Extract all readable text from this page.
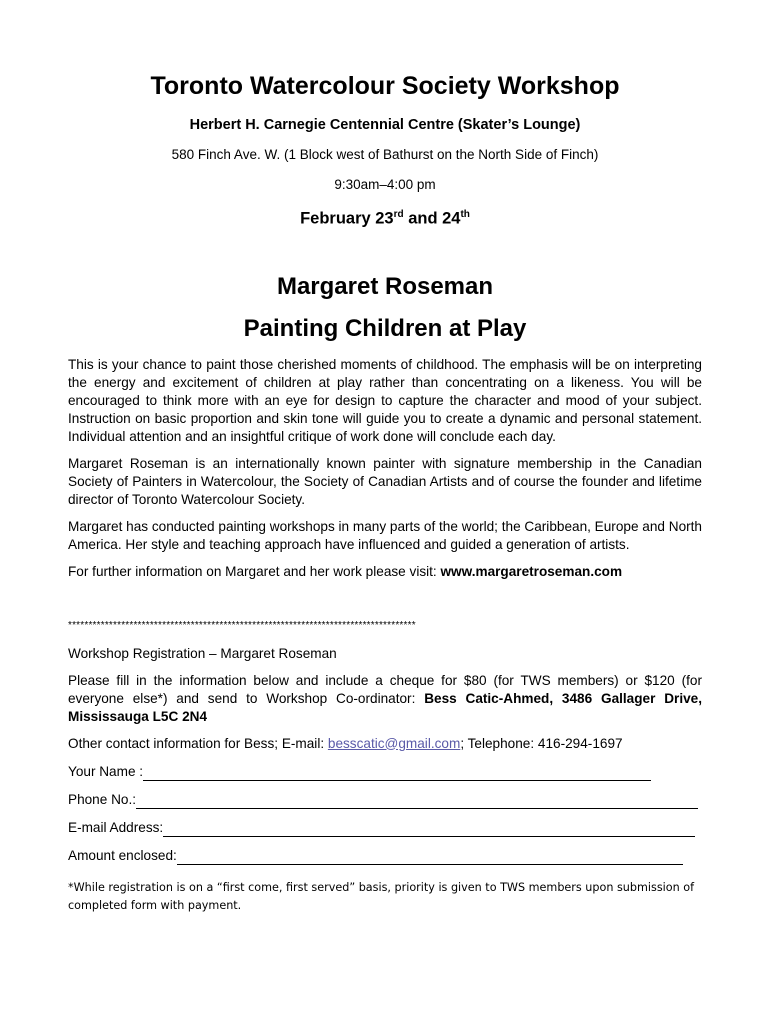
Toronto Watercolour Society Workshop
Herbert H. Carnegie Centennial Centre (Skater’s Lounge)
580 Finch Ave. W. (1 Block west of Bathurst on the North Side of Finch)
9:30am–4:00 pm
February 23rd and 24th
Margaret Roseman
Painting Children at Play

This is your chance to paint those cherished moments of childhood. The emphasis will be on interpreting the energy and excitement of children at play rather than concentrating on a likeness. You will be encouraged to think more with an eye for design to capture the character and mood of your subject. Instruction on basic proportion and skin tone will guide you to create a dynamic and personal statement. Individual attention and an insightful critique of work done will conclude each day.

Margaret Roseman is an internationally known painter with signature membership in the Canadian Society of Painters in Watercolour, the Society of Canadian Artists and of course the founder and lifetime director of Toronto Watercolour Society.

Margaret has conducted painting workshops in many parts of the world; the Caribbean, Europe and North America. Her style and teaching approach have influenced and guided a generation of artists.

For further information on Margaret and her work please visit: www.margaretroseman.com

*************************************************************************************
Workshop Registration – Margaret Roseman

Please fill in the information below and include a cheque for $80 (for TWS members) or $120 (for everyone else*) and send to Workshop Co-ordinator: Bess Catic-Ahmed, 3486 Gallager Drive, Mississauga L5C 2N4

Other contact information for Bess; E-mail: besscatic@gmail.com; Telephone: 416-294-1697

Your Name :
Phone No.:
E-mail Address:
Amount enclosed:
*While registration is on a “first come, first served” basis, priority is given to TWS members upon submission of completed form with payment.
